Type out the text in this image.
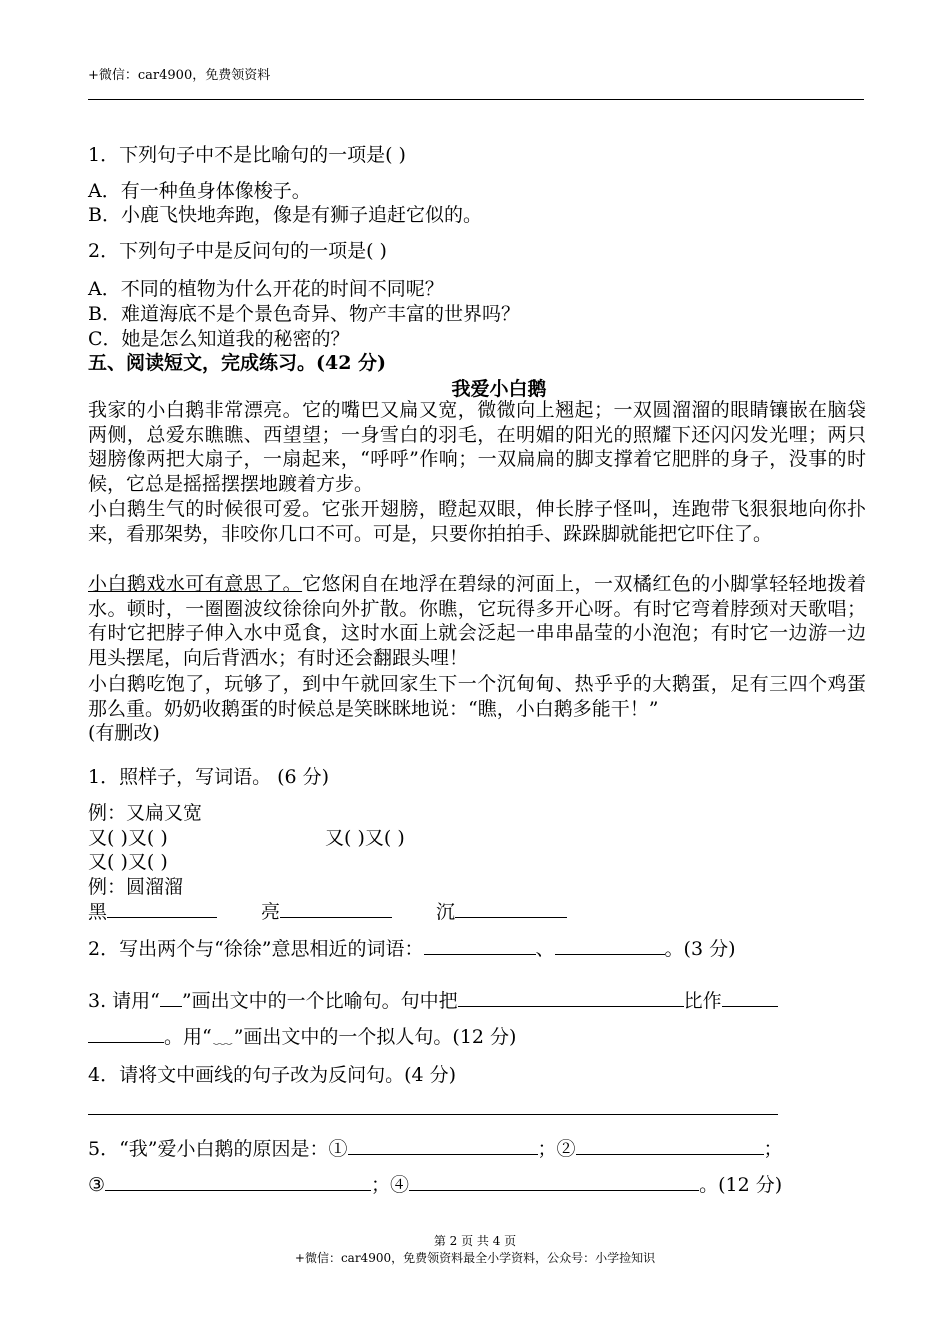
+微信：car4900，免费领资料
1．下列句子中不是比喻句的一项是( )
A．有一种鱼身体像梭子。
B．小鹿飞快地奔跑，像是有狮子追赶它似的。
2．下列句子中是反问句的一项是( )
A．不同的植物为什么开花的时间不同呢？
B．难道海底不是个景色奇异、物产丰富的世界吗？
C．她是怎么知道我的秘密的？
五、阅读短文，完成练习。(42 分)
我爱小白鹅
我家的小白鹅非常漂亮。它的嘴巴又扁又宽，微微向上翘起；一双圆溜溜的眼睛镶嵌在脑袋两侧，总爱东瞧瞧、西望望；一身雪白的羽毛，在明媚的阳光的照耀下还闪闪发光哩；两只翅膀像两把大扇子，一扇起来，“呼呼”作响；一双扁扁的脚支撑着它肥胖的身子，没事的时候，它总是摇摇摆摆地踱着方步。
小白鹅生气的时候很可爱。它张开翅膀，瞪起双眼，伸长脖子怪叫，连跑带飞狠狠地向你扑来，看那架势，非咬你几口不可。可是，只要你拍拍手、跺跺脚就能把它吓住了。
小白鹅戏水可有意思了。它悠闲自在地浮在碧绿的河面上，一双橘红色的小脚掌轻轻地拨着水。顿时，一圈圈波纹徐徐向外扩散。你瞧，它玩得多开心呀。有时它弯着脖颈对天歌唱；有时它把脖子伸入水中觅食，这时水面上就会泛起一串串晶莹的小泡泡；有时它一边游一边甩头摆尾，向后背洒水；有时还会翻跟头哩！
小白鹅吃饱了，玩够了，到中午就回家生下一个沉甸甸、热乎乎的大鹅蛋，足有三四个鸡蛋那么重。奶奶收鹅蛋的时候总是笑眯眯地说：“瞧，小白鹅多能干！”
(有删改)
1．照样子，写词语。 (6 分)
例：又扁又宽
又( )又( )	又( )又( )
又( )又( )
例：圆溜溜
黑	亮	沉
2．写出两个与“徐徐”意思相近的词语：	、	。(3 分)
3. 请用“ ”画出文中的一个比喻句。句中把	比作
。用“﹏”画出文中的一个拟人句。(12 分)
4．请将文中画线的句子改为反问句。(4 分)
5．“我”爱小白鹅的原因是：①	；②	；
③	；④	。(12 分)
第 2 页 共 4 页
+微信：car4900，免费领资料最全小学资料，公众号：小学捡知识
